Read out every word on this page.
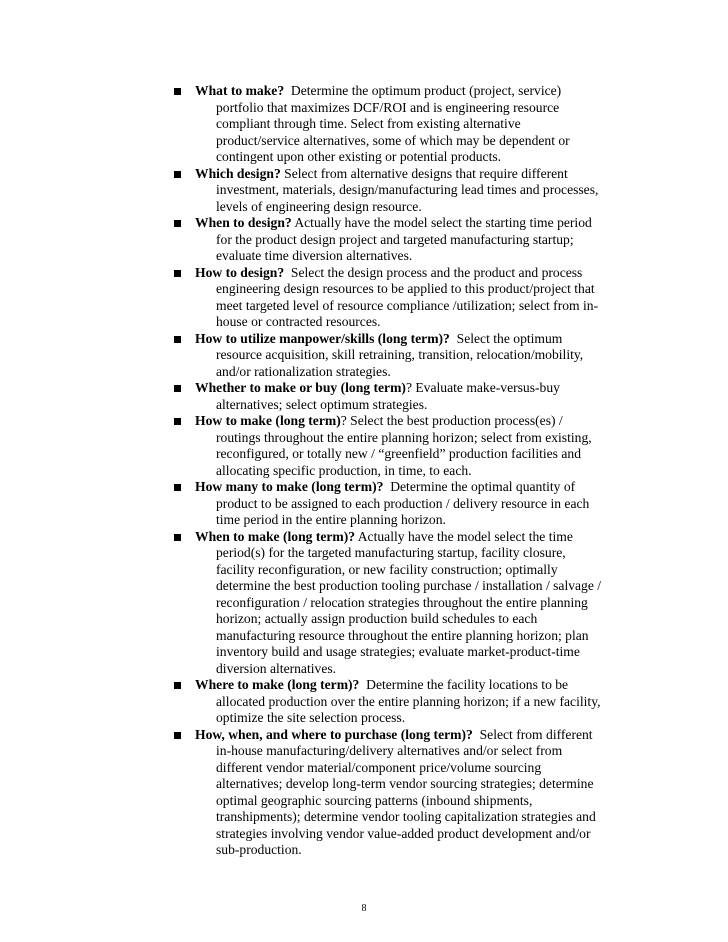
What to make?  Determine the optimum product (project, service)
portfolio that maximizes DCF/ROI and is engineering resource
compliant through time. Select from existing alternative
product/service alternatives, some of which may be dependent or
contingent upon other existing or potential products.
Which design? Select from alternative designs that require different
investment, materials, design/manufacturing lead times and processes,
levels of engineering design resource.
When to design? Actually have the model select the starting time period
for the product design project and targeted manufacturing startup;
evaluate time diversion alternatives.
How to design?  Select the design process and the product and process
engineering design resources to be applied to this product/project that
meet targeted level of resource compliance /utilization; select from in-
house or contracted resources.
How to utilize manpower/skills (long term)?  Select the optimum
resource acquisition, skill retraining, transition, relocation/mobility,
and/or rationalization strategies.
Whether to make or buy (long term)? Evaluate make-versus-buy
alternatives; select optimum strategies.
How to make (long term)? Select the best production process(es) /
routings throughout the entire planning horizon; select from existing,
reconfigured, or totally new / “greenfield” production facilities and
allocating specific production, in time, to each.
How many to make (long term)?  Determine the optimal quantity of
product to be assigned to each production / delivery resource in each
time period in the entire planning horizon.
When to make (long term)? Actually have the model select the time
period(s) for the targeted manufacturing startup, facility closure,
facility reconfiguration, or new facility construction; optimally
determine the best production tooling purchase / installation / salvage /
reconfiguration / relocation strategies throughout the entire planning
horizon; actually assign production build schedules to each
manufacturing resource throughout the entire planning horizon; plan
inventory build and usage strategies; evaluate market-product-time
diversion alternatives.
Where to make (long term)?  Determine the facility locations to be
allocated production over the entire planning horizon; if a new facility,
optimize the site selection process.
How, when, and where to purchase (long term)?  Select from different
in-house manufacturing/delivery alternatives and/or select from
different vendor material/component price/volume sourcing
alternatives; develop long-term vendor sourcing strategies; determine
optimal geographic sourcing patterns (inbound shipments,
transhipments); determine vendor tooling capitalization strategies and
strategies involving vendor value-added product development and/or
sub-production.
8
